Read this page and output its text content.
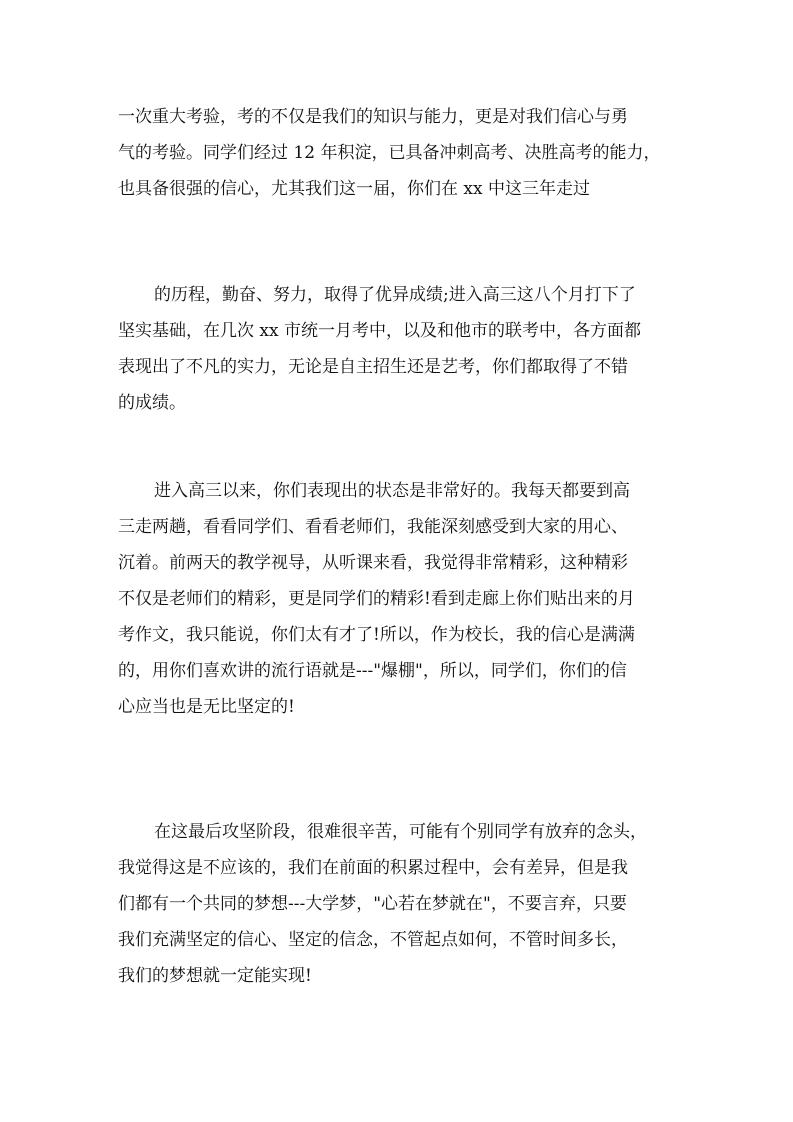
一次重大考验，考的不仅是我们的知识与能力，更是对我们信心与勇
气的考验。同学们经过 12 年积淀，已具备冲刺高考、决胜高考的能力，
也具备很强的信心，尤其我们这一届，你们在 xx 中这三年走过
的历程，勤奋、努力，取得了优异成绩;进入高三这八个月打下了
坚实基础，在几次 xx 市统一月考中，以及和他市的联考中，各方面都
表现出了不凡的实力，无论是自主招生还是艺考，你们都取得了不错
的成绩。
进入高三以来，你们表现出的状态是非常好的。我每天都要到高
三走两趟，看看同学们、看看老师们，我能深刻感受到大家的用心、
沉着。前两天的教学视导，从听课来看，我觉得非常精彩，这种精彩
不仅是老师们的精彩，更是同学们的精彩!看到走廊上你们贴出来的月
考作文，我只能说，你们太有才了!所以，作为校长，我的信心是满满
的，用你们喜欢讲的流行语就是---"爆棚"，所以，同学们，你们的信
心应当也是无比坚定的!
在这最后攻坚阶段，很难很辛苦，可能有个别同学有放弃的念头，
我觉得这是不应该的，我们在前面的积累过程中，会有差异，但是我
们都有一个共同的梦想---大学梦，"心若在梦就在"，不要言弃，只要
我们充满坚定的信心、坚定的信念，不管起点如何，不管时间多长，
我们的梦想就一定能实现!
